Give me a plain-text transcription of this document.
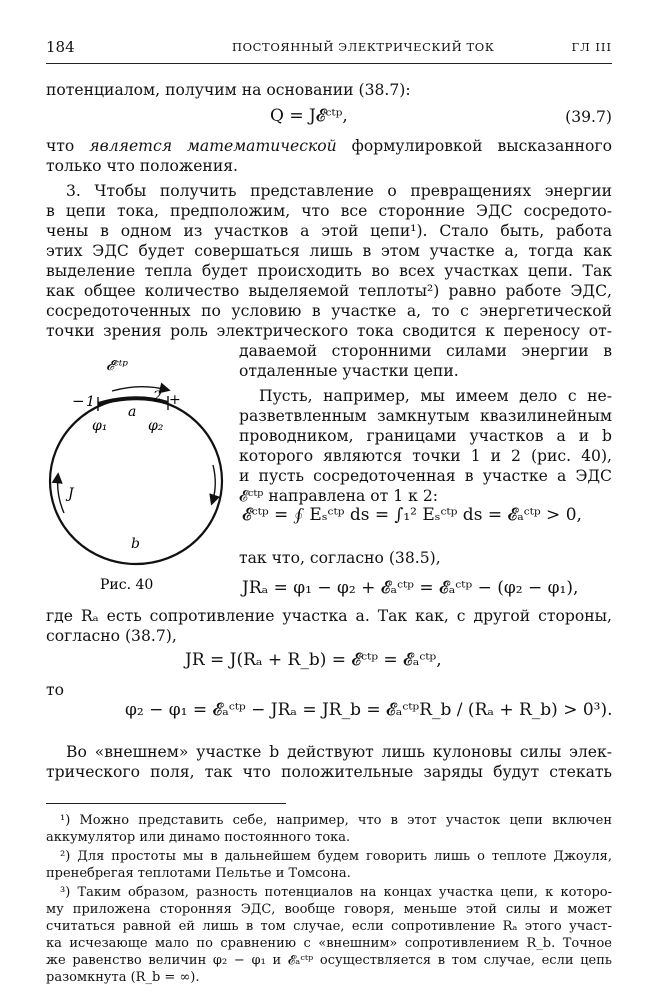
184	ПОСТОЯННЫЙ ЭЛЕКТРИЧЕСКИЙ ТОК	ГЛ III
потенциалом, получим на основании (38.7):
Q = J𝓔ᶜᵗᵖ,	(39.7)
что является математической формулировкой высказанного
только что положения.
3. Чтобы получить представление о превращениях энергии
в цепи тока, предположим, что все сторонние ЭДС сосредото-
чены в одном из участков a этой цепи¹). Стало быть, работа
этих ЭДС будет совершаться лишь в этом участке a, тогда как
выделение тепла будет происходить во всех участках цепи. Так
как общее количество выделяемой теплоты²) равно работе ЭДС,
сосредоточенных по условию в участке a, то с энергетической
точки зрения роль электрического тока сводится к переносу от-
даваемой сторонними силами энергии в
отдаленные участки цепи.
Пусть, например, мы имеем дело с не-
разветвленным замкнутым квазилинейным
проводником, границами участков a и b
которого являются точки 1 и 2 (рис. 40),
и пусть сосредоточенная в участке a ЭДС
𝓔ᶜᵗᵖ направлена от 1 к 2:
𝓔ᶜᵗᵖ = ∮ Eₛᶜᵗᵖ ds = ∫₁² Eₛᶜᵗᵖ ds = 𝓔ₐᶜᵗᵖ > 0,
так что, согласно (38.5),
JRₐ = φ₁ − φ₂ + 𝓔ₐᶜᵗᵖ = 𝓔ₐᶜᵗᵖ − (φ₂ − φ₁),
где Rₐ есть сопротивление участка a. Так как, с другой стороны,
согласно (38.7),
JR = J(Rₐ + R_b) = 𝓔ᶜᵗᵖ = 𝓔ₐᶜᵗᵖ,
то
φ₂ − φ₁ = 𝓔ₐᶜᵗᵖ − JRₐ = JR_b = 𝓔ₐᶜᵗᵖR_b / (Rₐ + R_b) > 0³).
Во «внешнем» участке b действуют лишь кулоновы силы элек-
трического поля, так что положительные заряды будут стекать
𝓔ᶜᵗᵖ
− 1	2 +
a
φ₁	φ₂
J
b
Рис. 40
¹) Можно представить себе, например, что в этот участок цепи включен
аккумулятор или динамо постоянного тока.
²) Для простоты мы в дальнейшем будем говорить лишь о теплоте Джоуля,
пренебрегая теплотами Пельтье и Томсона.
³) Таким образом, разность потенциалов на концах участка цепи, к которо-
му приложена сторонняя ЭДС, вообще говоря, меньше этой силы и может
считаться равной ей лишь в том случае, если сопротивление Rₐ этого участ-
ка исчезающе мало по сравнению с «внешним» сопротивлением R_b. Точное
же равенство величин φ₂ − φ₁ и 𝓔ₐᶜᵗᵖ осуществляется в том случае, если цепь
разомкнута (R_b = ∞).
